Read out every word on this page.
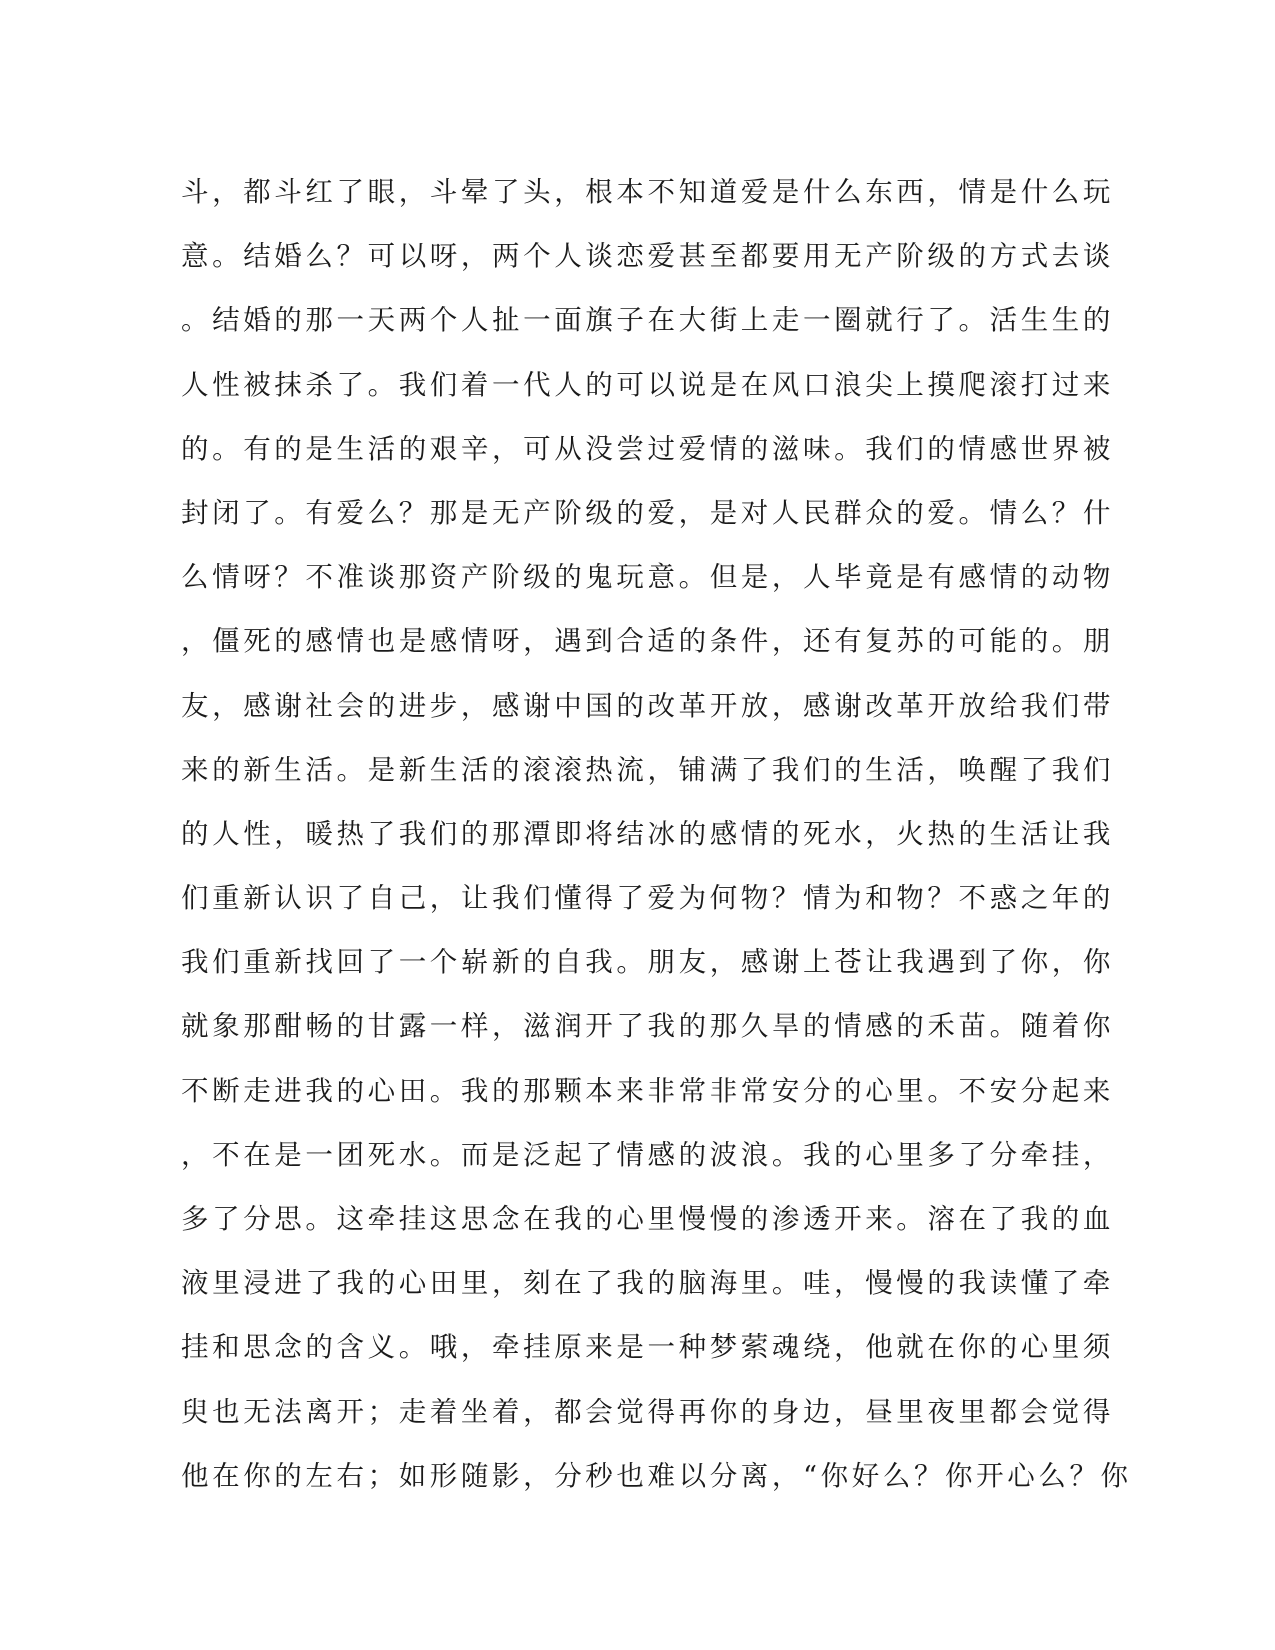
斗，都斗红了眼，斗晕了头，根本不知道爱是什么东西，情是什么玩
意。结婚么？可以呀，两个人谈恋爱甚至都要用无产阶级的方式去谈
。结婚的那一天两个人扯一面旗子在大街上走一圈就行了。活生生的
人性被抹杀了。我们着一代人的可以说是在风口浪尖上摸爬滚打过来
的。有的是生活的艰辛，可从没尝过爱情的滋味。我们的情感世界被
封闭了。有爱么？那是无产阶级的爱，是对人民群众的爱。情么？什
么情呀？不准谈那资产阶级的鬼玩意。但是，人毕竟是有感情的动物
，僵死的感情也是感情呀，遇到合适的条件，还有复苏的可能的。朋
友，感谢社会的进步，感谢中国的改革开放，感谢改革开放给我们带
来的新生活。是新生活的滚滚热流，铺满了我们的生活，唤醒了我们
的人性，暖热了我们的那潭即将结冰的感情的死水，火热的生活让我
们重新认识了自己，让我们懂得了爱为何物？情为和物？不惑之年的
我们重新找回了一个崭新的自我。朋友，感谢上苍让我遇到了你，你
就象那酣畅的甘露一样，滋润开了我的那久旱的情感的禾苗。随着你
不断走进我的心田。我的那颗本来非常非常安分的心里。不安分起来
，不在是一团死水。而是泛起了情感的波浪。我的心里多了分牵挂，
多了分思。这牵挂这思念在我的心里慢慢的渗透开来。溶在了我的血
液里浸进了我的心田里，刻在了我的脑海里。哇，慢慢的我读懂了牵
挂和思念的含义。哦，牵挂原来是一种梦萦魂绕，他就在你的心里须
臾也无法离开；走着坐着，都会觉得再你的身边，昼里夜里都会觉得
他在你的左右；如形随影，分秒也难以分离，“你好么？你开心么？你
